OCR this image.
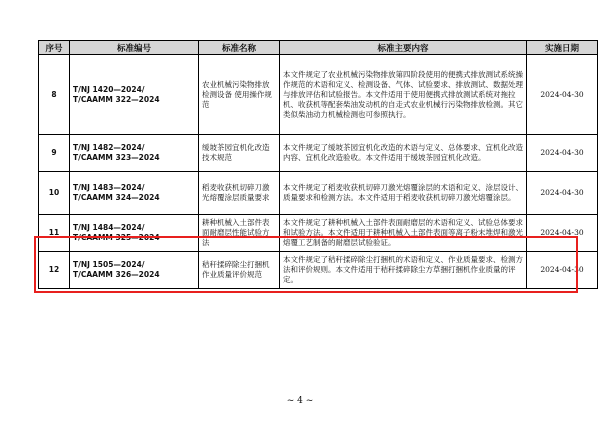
序号	标准编号	标准名称	标准主要内容	实施日期
8	T/NJ 1420—2024/
T/CAAMM 322—2024	农业机械污染物排放检测设备 使用操作规范	本文件规定了农业机械污染物排放第四阶段使用的便携式排放测试系统操作规范的术语和定义、检测设备、气体、试验要求、排放测试、数据处理与排放评估和试验报告。本文件适用于使用便携式排放测试系统对拖拉机、收获机等配套柴油发动机的自走式农业机械行污染物排放检测。其它类似柴油动力机械检测也可参照执行。	2024-04-30
9	T/NJ 1482—2024/
T/CAAMM 323—2024	缓坡茶园宜机化改造技术规范	本文件规定了缓坡茶园宜机化改造的术语与定义、总体要求、宜机化改造内容、宜机化改造验收。本文件适用于缓坡茶园宜机化改造。	2024-04-30
10	T/NJ 1483—2024/
T/CAAMM 324—2024	稻麦收获机切碎刀激光熔覆涂层质量要求	本文件规定了稻麦收获机切碎刀激光熔覆涂层的术语和定义、涂层设计、质量要求和检测方法。本文件适用于稻麦收获机切碎刀激光熔覆涂层。	2024-04-30
11	T/NJ 1484—2024/
T/CAAMM 325—2024	耕种机械入土部件表面耐磨层性能试验方法	本文件规定了耕种机械入土部件表面耐磨层的术语和定义、试验总体要求和试验方法。本文件适用于耕种机械入土部件表面等离子粉末堆焊和激光熔覆工艺制备的耐磨层试验验证。	2024-04-30
12	T/NJ 1505—2024/
T/CAAMM 326—2024	秸秆揉碎除尘打捆机 作业质量评价规范	本文件规定了秸秆揉碎除尘打捆机的术语和定义、作业质量要求、检测方法和评价规则。本文件适用于秸秆揉碎除尘方草捆打捆机作业质量的评定。	2024-04-30
~ 4 ~
